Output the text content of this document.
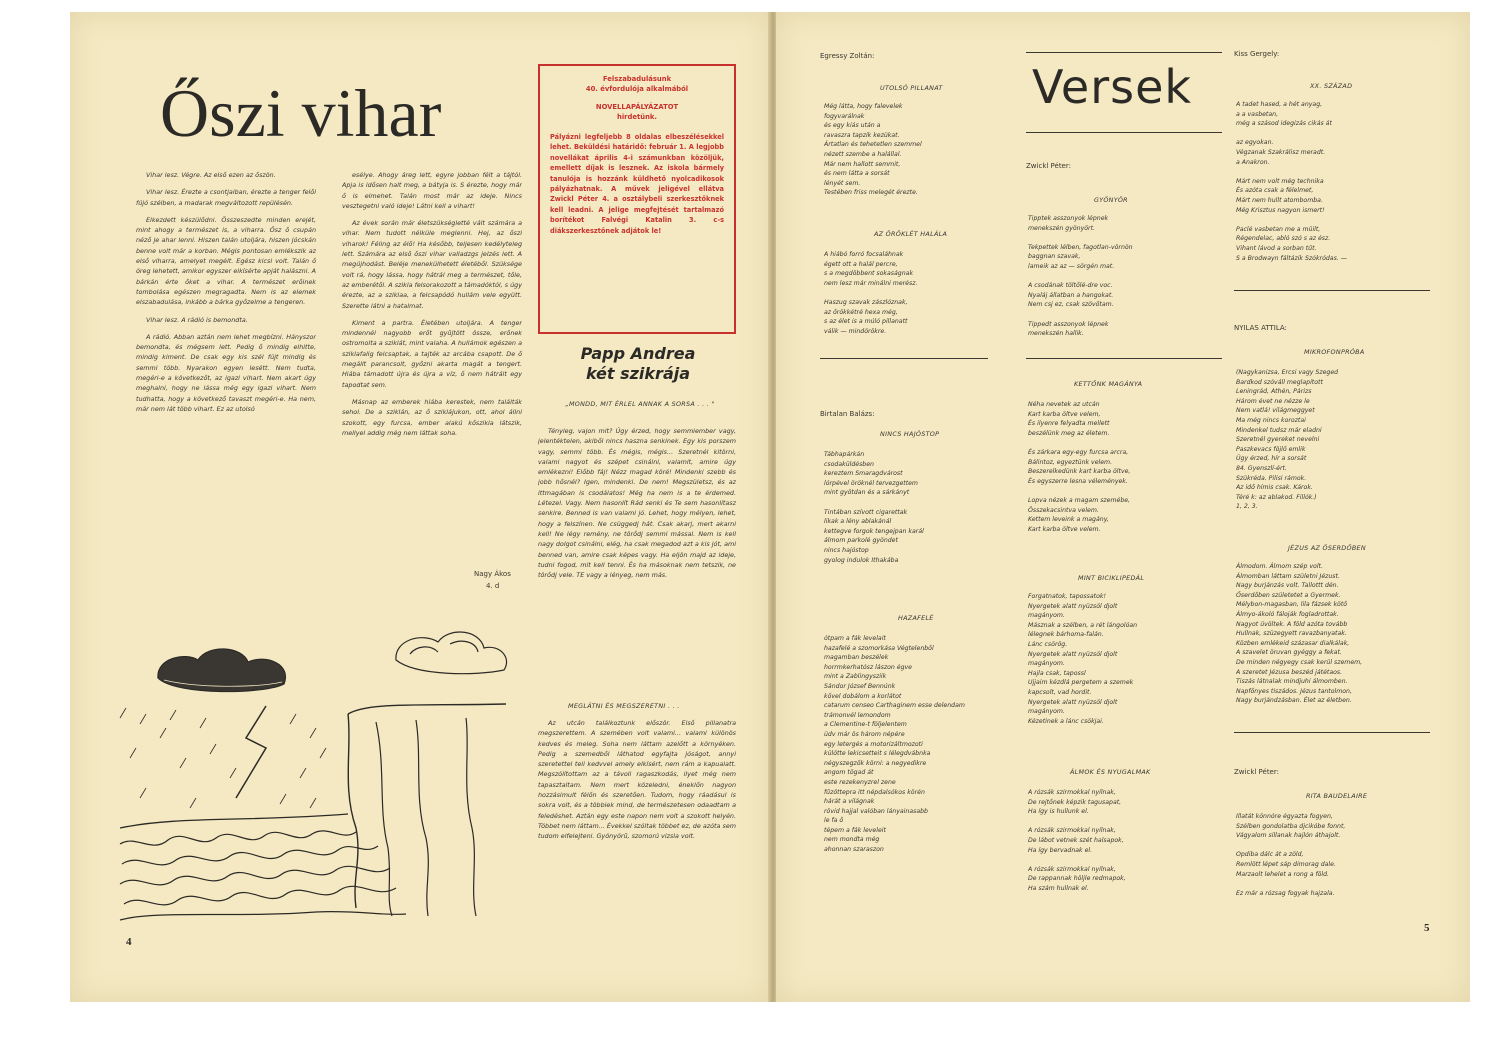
Őszi vihar

Vihar lesz. Végre. Az első ezen az őszön.

Vihar lesz. Érezte a csontjaiban, érezte a tenger felől fújó szélben, a madarak megváltozott repülésén.

Elkezdett készülődni. Összeszedte minden erejét, mint ahogy a természet is, a viharra. Ősz ő csupán néző je ahar lenni. Hiszen talán utoljára, hiszen jócskán benne volt már a korban. Mégis pontosan emlékszik az első viharra, amelyet megélt. Egész kicsi volt. Talán ő öreg lehetett, amikor egyszer elkísérte apját halászni. A bárkán érte őket a vihar. A természet erőinek tombolása egészen megragadta. Nem is az elemek elszabadulása, inkább a bárka győzelme a tengeren.

Vihar lesz. A rádió is bemondta.

A rádió. Abban aztán nem lehet megbízni. Hányszor bemondta, és mégsem lett. Pedig ő mindig elhitte, mindig kiment. De csak egy kis szél fújt mindig és semmi több. Nyarakon egyen lesétt. Nem tudta, megéri-e a következőt, az igazi vihart. Nem akart úgy meghalni, hogy ne lássa még egy igazi vihart. Nem tudhatta, hogy a következő tavaszt megéri-e. Ha nem, már nem lát több vihart. Ez az utolsó

esélye. Ahogy áreg lett, egyre jobban félt a tájtól. Apja is idősen halt meg, a bátyja is. S érezte, hogy már ő is elmehet. Talán most már az ideje. Nincs vesztegetni való ideje! Látni kell a vihart!

Az évek során már életszükségletté vált számára a vihar. Nem tudott nélküle meglenni. Hej, az őszi viharok! Féling az élő! Ha később, teljesen kedélyteleg lett. Számára az első őszi vihar valladzgs jelzés lett. A megújhodást. Beléje menekülhetett életéből. Szüksége volt rá, hogy lássa, hogy hátrál meg a természet, tőle, az emberétől. A szikla felsorakozott a támadóktól, s úgy érezte, az a sziklaa, a felcsapódó hullám vele együtt. Szerette látni a hatalmat.

Kiment a partra. Életében utoljára. A tenger mindennél nagyobb erőt gyűjtött össze, erőnek ostromolta a sziklát, mint valaha. A hullámok egészen a sziklafalig felcsaptak, a tajték az arcába csapott. De ő megállt parancsolt, győzni akarta magát a tengert. Hiába támadott újra és újra a víz, ő nem hátrált egy tapodtat sem.

Másnap az emberek hiába kerestek, nem találták sehol. De a sziklán, az ő sziklájukon, ott, ahol állni szokott, egy furcsa, ember alakú kőszikla látszik, mellyel addig még nem láttak soha.

Nagy Ákos
4. d
Felszabadulásunk
40. évfordulója alkalmából
NOVELLAPÁLYÁZATOT
hirdetünk.
Pályázni legfeljebb 8 oldalas elbeszélésekkel lehet. Beküldési határidő: február 1. A legjobb novellákat április 4-i számunkban közöljük, emellett díjak is lesznek. Az iskola bármely tanulója is hozzánk küldhető nyolcadikosok pályázhatnak. A művek jeligével ellátva Zwickl Péter 4. a osztálybeli szerkesztőknek kell leadni. A jelige megfejtését tartalmazó borítékot Falvégi Katalin 3. c-s diákszerkesztőnek adjátok le!
Papp Andrea
két szikrája
„MONDD, MIT ÉRLEL ANNAK A SORSA . . . "
Tényleg, vajon mit? Úgy érzed, hogy semmiember vagy, jelentéktelen, akiből nincs haszna senkinek. Egy kis porszem vagy, semmi több. És mégis, mégis... Szeretnél kitörni, valami nagyot és szépet csinálni, valamit, amire úgy emlékezni! Előbb fáj! Nézz magad köré! Mindenki szebb és jobb hősnél? Igen, mindenki. De nem! Megszületsz, és az ittmagában is csodálatos! Még ha nem is a te érdemed. Létezel. Vagy. Nem hasonlít Rád senki és Te sem hasonlítasz senkire. Benned is van valami jó. Lehet, hogy mélyen, lehet, hogy a felszínen. Ne csüggedj hát. Csak akarj, mert akarni kell! Ne légy remény, ne törődj semmi mással. Nem is kell nagy dolgot csinálni, elég, ha csak megadod azt a kis jót, ami benned van, amire csak képes vagy. Ha eljön majd az ideje, tudni fogod, mit kell tenni. És ha másoknak nem tetszik, ne törődj vele. TE vagy a lényeg, nem más.
MEGLÁTNI ÉS MEGSZERETNI . . .
Az utcán találkoztunk először. Első pillanatra megszerettem. A szemében volt valami... valami különös kedves és meleg. Soha nem láttam azelőtt a környéken. Pedig a szemedből láthatod egyfajta jóságot, annyi szeretettel teli kedvvel amely elkísért, nem rám a kapualatt. Megszólítottam az a távoli ragaszkodás, ilyet még nem tapasztaltam. Nem mert közeledni, éneklőn nagyon hozzásimult félőn és szeretően. Tudom, hogy ráadásul is sokra volt, és a többiek mind, de természetesen odaadtam a feledéshet. Aztán egy este napon nem volt a szokott helyén. Többet nem láttam... Évekkel szóltak többet ez, de azóta sem tudom elfelejteni. Gyönyörű, szomorú vizsla volt.
4
Egressy Zoltán:
UTOLSÓ PILLANAT
Még látta, hogy falevelek
fogyvarálnak
és egy kiás után a
ravaszra tapzik kezükat.
Ártatlan és tehetetlen szemmel
nézett szembe a halállal.
Már nem hallott semmit,
és nem látta a sorsát
lényét sem.
Testében friss melegét érezte.
AZ ÖRÖKLÉT HALÁLA
A hiábó forró focsaláhnak
égett ott a halál percre,
s a megdöbbent sokaságnak
nem lesz már minálni merész.

Haszug szavak zászlóznak,
az őrökkétré hexa még,
s az élet is a múló pillanatt
válik — mindörökre.
Birtalan Balázs:
NINCS HAJÓSTOP
Tábhapárkán
csodaküldésben
kereztem Smaragdvárost
lórpével öröknél tervezgettem
mint gyötdan és a sárkányt

Tintában szívott cigarettak
likak a lény ablakánál
kettegve forgok tengejpan karál
álmom parkolé gyöndet
nincs hajóstop
gyolog indulok Ithakába
HAZAFELÉ
ótpam a fák levelait
hazafelé a szomorkása Végtelenből
magamban beszélek
horrmkerhatósz lászon égve
mint a Zablingysziik
Sándor József Bennúnk
kővel dobálom a korlátot
catarum censeo Carthaginem esse delendam
trámonvél lemondom
a Clementine-t följelentem
üdv már ös három népére
egy letergés a motorizáltmozoti
külötte lekicsetteit s lélegdvábnka
négyszegzők körni: a negyedikre
angom tögad át
este rezekenyzrel zene
fűzöttepra itt népdalsókos körén
hárát a világnak
rövid hajjal valóban lányainasabb
le fa ő
tépem a fák leveleit
nem mondta még
ahonnan szaraszon
Versek
Zwickl Péter:
GYÖNYÖR
Tipptek asszonyok lépnek
menekszén gyönyört.

Tekpettek lélben, fagotlan-vörnön
baggnan szavak,
lameik az az — sörgén mat.

A csodának töltőlé-dre voc.
Nyaláj állatban a hangokat.
Nem csj ez, csak szövőtam.

Tippedt asszonyok lépnek
menekszén hallik.
KETTŐNK MAGÁNYA
Néha nevetek az utcán
Kart karba öltve velem,
És ilyenre felyadta mellett
beszélünk meg az életem.

És zárkara egy-egy furcsa arcra,
Bálintoz, egyeztünk velem.
Beszerelkedünk kart karba öltve,
És egyszerre lesna vélemények.

Lopva nézek a magam szemébe,
Összekacsintva velem.
Kettem leveink a magány,
Kart karba öltve velem.
MINT BICIKLIPEDÁL
Forgatnatok, tapossatok!
Nyergetek alatt nyüzsöl djolt
magányom.
Másznak a szélben, a rét lángolóan
lélegnek bárhoma-falán.
Lánc csörög.
Nyergetek alatt nyüzsöl djolt
magányom.
Hajla csak, tapossl
Ujjaim kézdlá pergetem a szemek
kapcsolt, vad hordit.
Nyergetek alatt nyüzsöl djolt
magányom.
Kézetinek a lánc csökjai.
ÁLMOK ÉS NYUGALMAK
A rózsák szirmokkal nyílnak,
De rejtőnek képzik tagusapat,
Ha így is hullunk el.

A rózsák szirmokkal nyílnak,
De lábot vetnek szét halsapok,
Ha így bervadnak el.

A rózsák szirmokkal nyílnak,
De rappannak höljle redmapok,
Ha szám hullnak el.
Kiss Gergely:
XX. SZÁZAD
A tadet hased, a hét anyag,
a a vasbetan,
még a szásod idegizás cikás át

az egyokan.
Végzanak Szakrálisz meradt.
a Anakron.

Márt nem volt még technika
És azóta csak a félelmet,
Márt nem hullt atombomba.
Még Krisztus nagyon ismert!

Paclé vasbetan me a müilt,
Régendelac, abló szó s az ész.
Vihant lávod a sorban tűt.
S a Brodwayn fáltázik Szókródas. —
NYILAS ATTILA:
MIKROFONPRÓBA
(Nagykanizsa, Ercsi vagy Szeged
Bardkod szóváll meglapított
Leningrád, Athén, Párizs
Három évet ne nézze le
Nem vatlá! világmeggyet
Ma még nincs koroztai
Mindenkel tudsz már eladni
Szeretnél gyereket nevelni
Paszkevacs föjlő emlik
Úgy érzed, hír a sorsát
84. Gyenszlí-ért.
Szükréda. Pilisi rámok.
Az idő hímis csak. Károk.
Téré k: az ablakod. Fillók.)
1, 2, 3.
JÉZUS AZ ÖSERDŐBEN
Álmodom. Álmom szép volt.
Álmomban láttam születni Jézust.
Nagy burjánzás volt. Tallottt dén.
Őserdőben születetet a Gyermek.
Mélybon-magasban, lila fázsek kötő
Álmyo-ákoló fáloják fogladrottak.
Nagyot üvöltek. A föld azóta tovább
Hullnak, szüzegyett ravazbanyatak.
Közben emlékeid százasar dialkálak,
A szavelet öruvan gyéggy a fekat.
De minden négyegy csak kerül szemem,
A szeretet Jézusa beszéd játétaos.
Tiszás látnalak mindjuhi álmomben.
Napfőnyes tiszádos. Jézus tantolmon,
Nagy burjándzásban. Élet az életben.
Zwickl Péter:
RITA BAUDELAIRE
Illatát könnóre égyazta fogyen,
Szélben gondolatba djcikóbe fonnt,
Vágyalom sillanak hajlón áthajolt.

Opdiba dálc át a zöld,
Remlött lépet sáp dimorag dale.
Marzaolt lehelet a rong a föld.

Ez már a rózsag fogyak hajzala.
5
